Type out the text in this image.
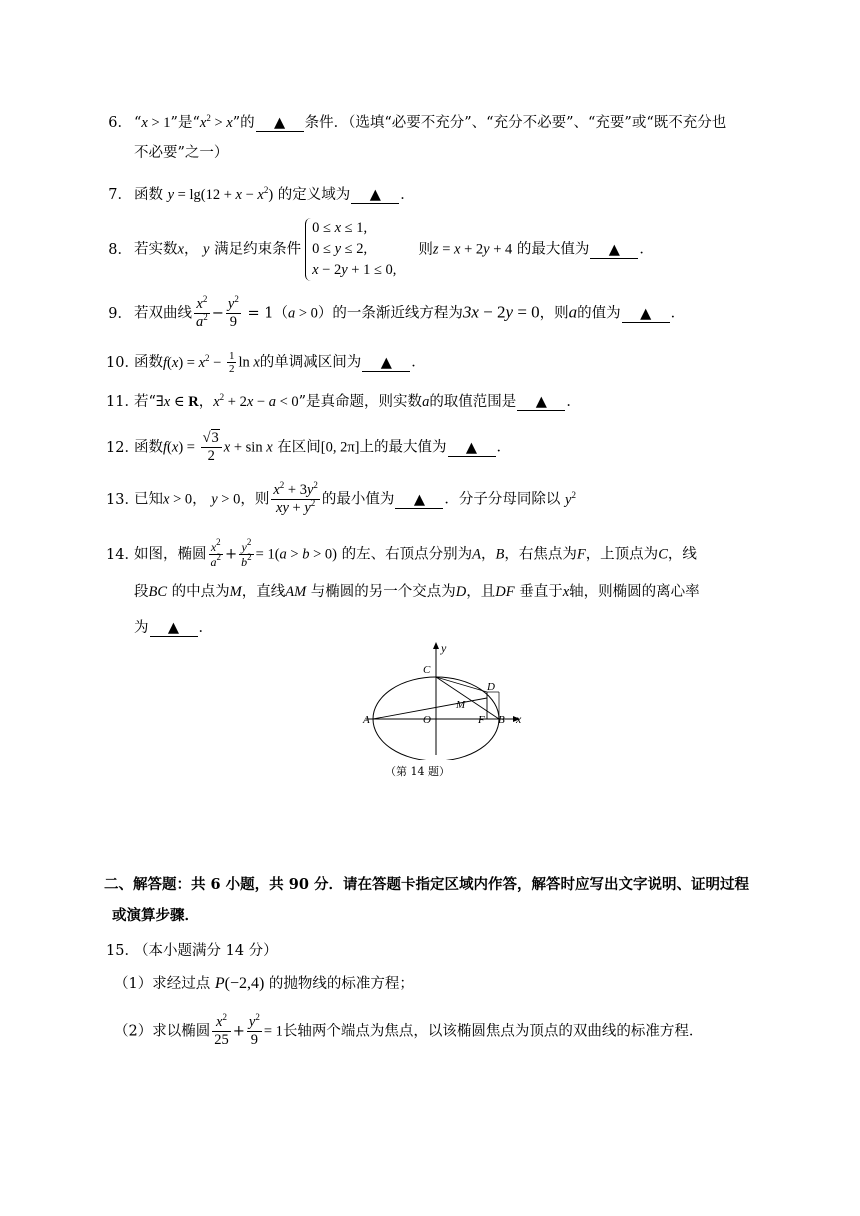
6． “x > 1”是“$x^2 > x$”的 ▲ 条件．（选填“必要不充分”、“充分不必要”、“充要”或“既不充分也
不必要”之一）
7． 函数 $y = \lg(12 + x - x^2)$ 的定义域为 ▲ ．
8． 若实数x， y 满足约束条件
0 ≤ x ≤ 1,
0 ≤ y ≤ 2,
x − 2y + 1 ≤ 0,
则z = x + 2y + 4 的最大值为 ▲ ．
9． 若双曲线 $\frac{x^2}{a^2} - \frac{y^2}{9} = 1(a > 0)$的一条渐近线方程为3x − 2y = 0，则a的值为 ▲ ．
10．函数$f(x) = x^2 - \frac{1}{2}$ ln x的单调减区间为 ▲ ．
11．若“∃x ∈ R，$x^2 + 2x - a < 0$”是真命题，则实数a的取值范围是 ▲ ．
12．函数$f(x) = \frac{√3}{2}$ x + sin x 在区间[0, 2π]上的最大值为 ▲ ．
13．已知x > 0， y > 0，则 $\frac{x^2 + 3y^2}{xy + y^2}$ 的最小值为 ▲ ．分子分母同除以 $y^2$
14．如图，椭圆 $\frac{x^2}{a^2} + \frac{y^2}{b^2} = 1(a > b > 0)$ 的左、右顶点分别为A，B，右焦点为F，上顶点为C，线
段BC 的中点为M，直线AM 与椭圆的另一个交点为D，且DF 垂直于x轴，则椭圆的离心率
为 ▲ ．
y
C
D
M
A	O	F B x
（第 14 题）
二、解答题：共 6 小题，共 90 分．请在答题卡指定区域内作答，解答时应写出文字说明、证明过程
或演算步骤．
15．（本小题满分 14 分）
（1）求经过点 P(−2,4) 的抛物线的标准方程；
（2）求以椭圆 $\frac{x^2}{25} + \frac{y^2}{9} = 1$长轴两个端点为焦点，以该椭圆焦点为顶点的双曲线的标准方程．
